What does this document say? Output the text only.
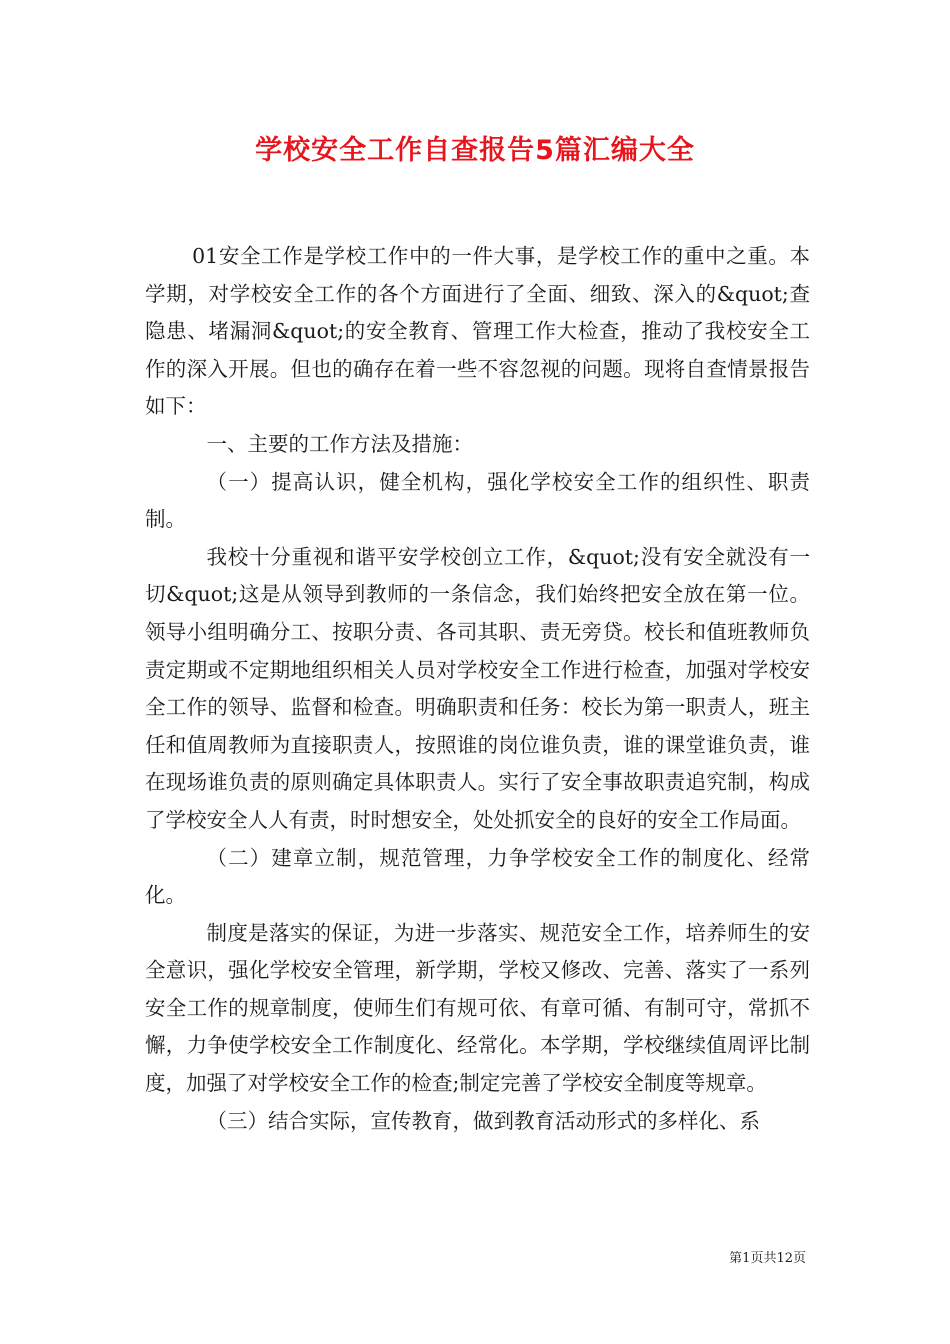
学校安全工作自查报告5篇汇编大全

01安全工作是学校工作中的一件大事，是学校工作的重中之重。本学期，对学校安全工作的各个方面进行了全面、细致、深入的&quot;查隐患、堵漏洞&quot;的安全教育、管理工作大检查，推动了我校安全工作的深入开展。但也的确存在着一些不容忽视的问题。现将自查情景报告如下：

一、主要的工作方法及措施：

（一）提高认识，健全机构，强化学校安全工作的组织性、职责制。

我校十分重视和谐平安学校创立工作，&quot;没有安全就没有一切&quot;这是从领导到教师的一条信念，我们始终把安全放在第一位。领导小组明确分工、按职分责、各司其职、责无旁贷。校长和值班教师负责定期或不定期地组织相关人员对学校安全工作进行检查，加强对学校安全工作的领导、监督和检查。明确职责和任务：校长为第一职责人，班主任和值周教师为直接职责人，按照谁的岗位谁负责，谁的课堂谁负责，谁在现场谁负责的原则确定具体职责人。实行了安全事故职责追究制，构成了学校安全人人有责，时时想安全，处处抓安全的良好的安全工作局面。

（二）建章立制，规范管理，力争学校安全工作的制度化、经常化。

制度是落实的保证，为进一步落实、规范安全工作，培养师生的安全意识，强化学校安全管理，新学期，学校又修改、完善、落实了一系列安全工作的规章制度，使师生们有规可依、有章可循、有制可守，常抓不懈，力争使学校安全工作制度化、经常化。本学期，学校继续值周评比制度，加强了对学校安全工作的检查;制定完善了学校安全制度等规章。

（三）结合实际，宣传教育，做到教育活动形式的多样化、系

第1页共12页
